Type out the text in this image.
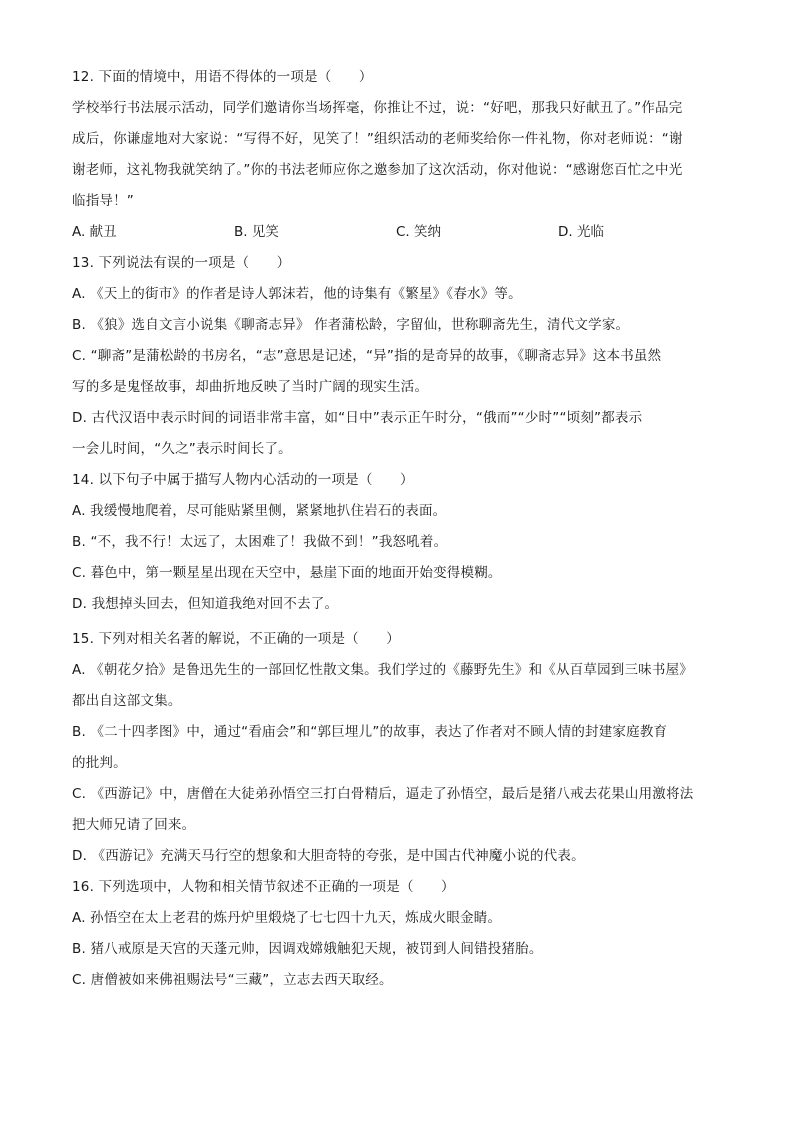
12. 下面的情境中，用语不得体的一项是（　　）
学校举行书法展示活动，同学们邀请你当场挥毫，你推让不过，说：“好吧，那我只好献丑了。”作品完
成后，你谦虚地对大家说：“写得不好，见笑了！”组织活动的老师奖给你一件礼物，你对老师说：“谢
谢老师，这礼物我就笑纳了。”你的书法老师应你之邀参加了这次活动，你对他说：“感谢您百忙之中光
临指导！”
A. 献丑	B. 见笑	C. 笑纳	D. 光临
13. 下列说法有误的一项是（　　）
A. 《天上的街市》的作者是诗人郭沫若，他的诗集有《繁星》《春水》等。
B. 《狼》选自文言小说集《聊斋志异》 作者蒲松龄，字留仙，世称聊斋先生，清代文学家。
C. “聊斋”是蒲松龄的书房名，“志”意思是记述，“异”指的是奇异的故事，《聊斋志异》这本书虽然
写的多是鬼怪故事，却曲折地反映了当时广阔的现实生活。
D. 古代汉语中表示时间的词语非常丰富，如“日中”表示正午时分，“俄而”“少时”“顷刻”都表示
一会儿时间，“久之”表示时间长了。
14. 以下句子中属于描写人物内心活动的一项是（　　）
A. 我缓慢地爬着，尽可能贴紧里侧，紧紧地扒住岩石的表面。
B. “不，我不行！太远了，太困难了！我做不到！”我怒吼着。
C. 暮色中，第一颗星星出现在天空中，悬崖下面的地面开始变得模糊。
D. 我想掉头回去，但知道我绝对回不去了。
15. 下列对相关名著的解说，不正确的一项是（　　）
A. 《朝花夕拾》是鲁迅先生的一部回忆性散文集。我们学过的《藤野先生》和《从百草园到三味书屋》
都出自这部文集。
B. 《二十四孝图》中，通过“看庙会”和“郭巨埋儿”的故事，表达了作者对不顾人情的封建家庭教育
的批判。
C. 《西游记》中，唐僧在大徒弟孙悟空三打白骨精后，逼走了孙悟空，最后是猪八戒去花果山用激将法
把大师兄请了回来。
D. 《西游记》充满天马行空的想象和大胆奇特的夸张，是中国古代神魔小说的代表。
16. 下列选项中，人物和相关情节叙述不正确的一项是（　　）
A. 孙悟空在太上老君的炼丹炉里煅烧了七七四十九天，炼成火眼金睛。
B. 猪八戒原是天宫的天蓬元帅，因调戏嫦娥触犯天规，被罚到人间错投猪胎。
C. 唐僧被如来佛祖赐法号“三藏”，立志去西天取经。
